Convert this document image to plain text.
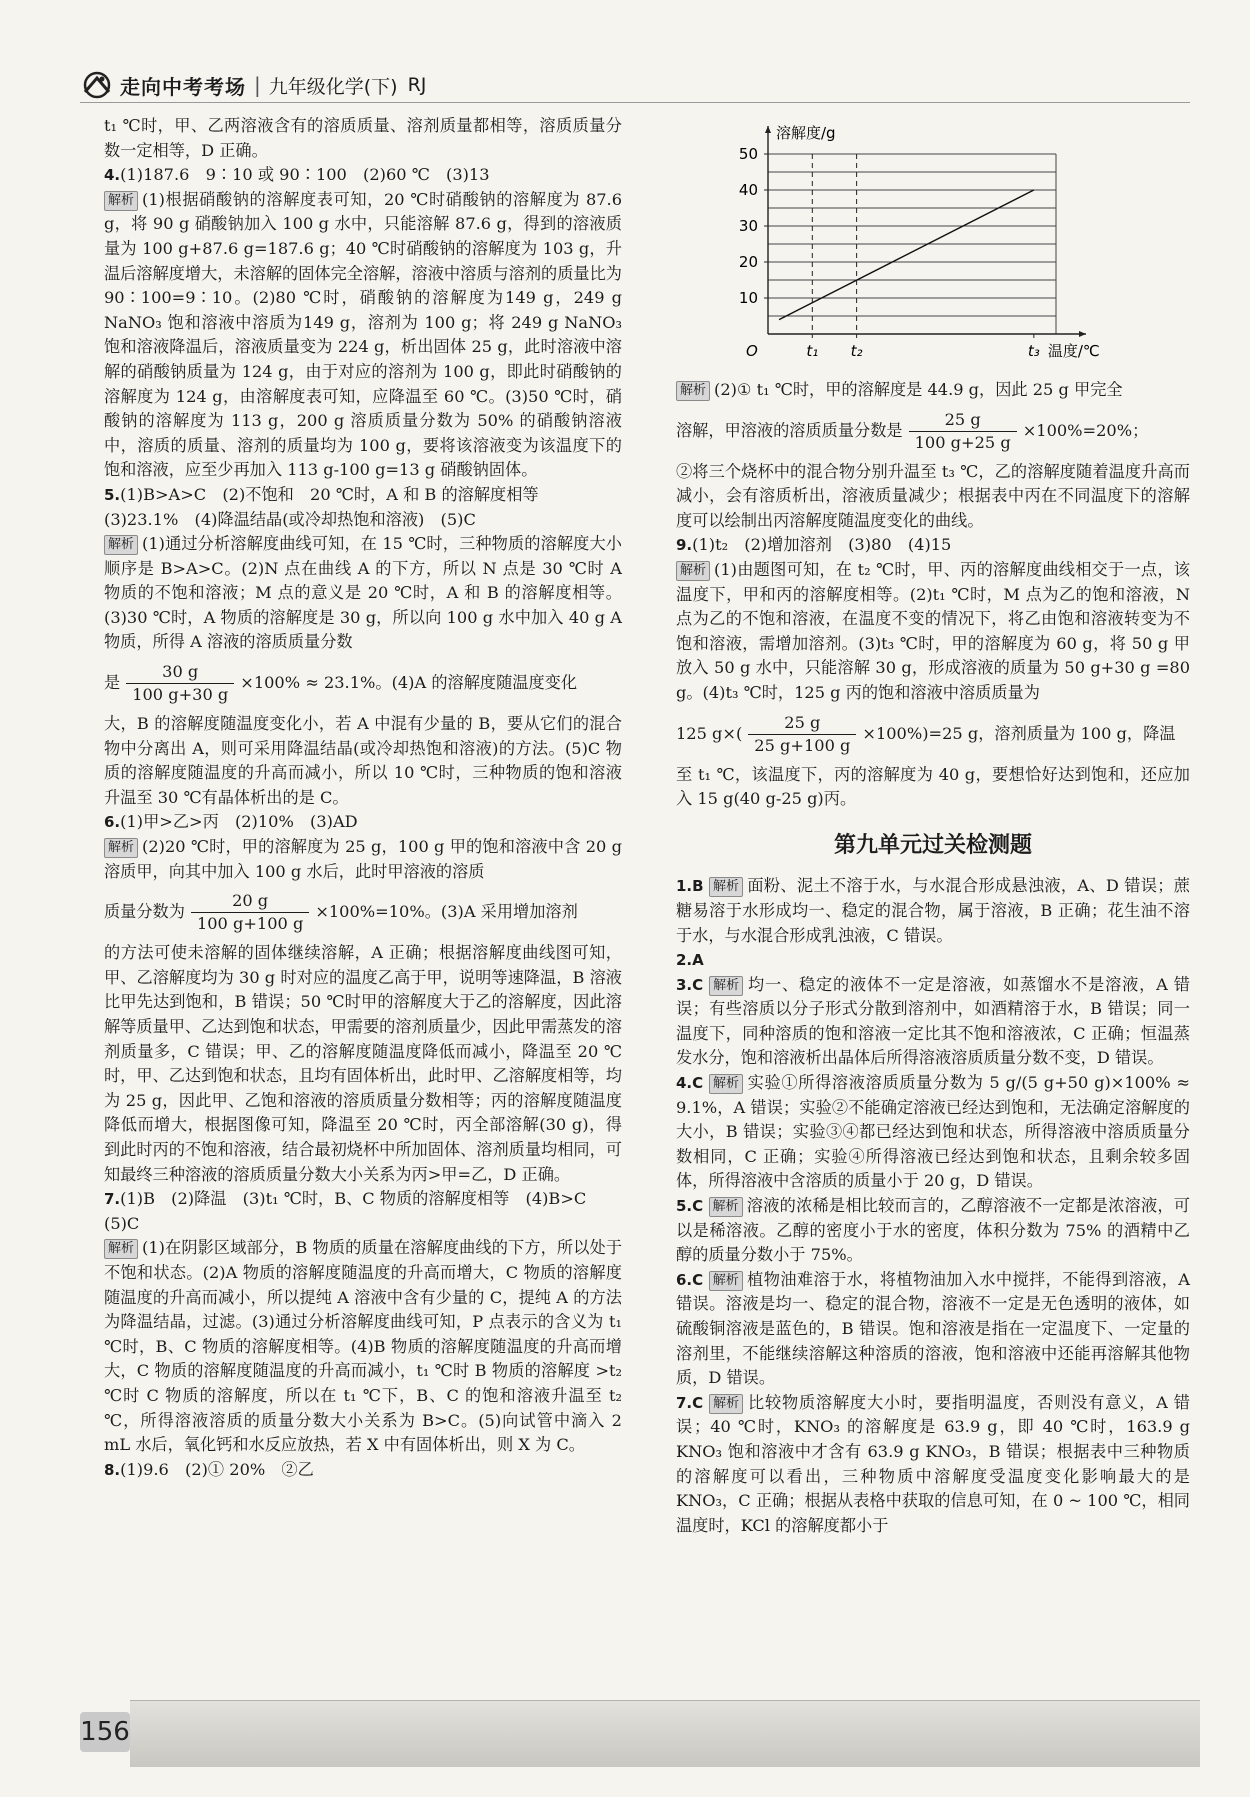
走向中考考场 | 九年级化学(下) RJ

t₁ ℃时，甲、乙两溶液含有的溶质质量、溶剂质量都相等，溶质质量分数一定相等，D 正确。

4.(1)187.6　9∶10 或 90∶100　(2)60 ℃　(3)13

解析 (1)根据硝酸钠的溶解度表可知，20 ℃时硝酸钠的溶解度为 87.6 g，将 90 g 硝酸钠加入 100 g 水中，只能溶解 87.6 g，得到的溶液质量为 100 g+87.6 g=187.6 g；40 ℃时硝酸钠的溶解度为 103 g，升温后溶解度增大，未溶解的固体完全溶解，溶液中溶质与溶剂的质量比为 90∶100=9∶10。(2)80 ℃时，硝酸钠的溶解度为149 g，249 g NaNO₃ 饱和溶液中溶质为149 g，溶剂为 100 g；将 249 g NaNO₃ 饱和溶液降温后，溶液质量变为 224 g，析出固体 25 g，此时溶液中溶解的硝酸钠质量为 124 g，由于对应的溶剂为 100 g，即此时硝酸钠的溶解度为 124 g，由溶解度表可知，应降温至 60 ℃。(3)50 ℃时，硝酸钠的溶解度为 113 g，200 g 溶质质量分数为 50% 的硝酸钠溶液中，溶质的质量、溶剂的质量均为 100 g，要将该溶液变为该温度下的饱和溶液，应至少再加入 113 g-100 g=13 g 硝酸钠固体。

5.(1)B>A>C　(2)不饱和　20 ℃时，A 和 B 的溶解度相等　(3)23.1%　(4)降温结晶(或冷却热饱和溶液)　(5)C

解析 (1)通过分析溶解度曲线可知，在 15 ℃时，三种物质的溶解度大小顺序是 B>A>C。(2)N 点在曲线 A 的下方，所以 N 点是 30 ℃时 A 物质的不饱和溶液；M 点的意义是 20 ℃时，A 和 B 的溶解度相等。(3)30 ℃时，A 物质的溶解度是 30 g，所以向 100 g 水中加入 40 g A 物质，所得 A 溶液的溶质质量分数

是 $\frac{30 g}{100 g+30 g} \times 100\% \approx 23.1\%$。(4)A 的溶解度随温度变化

大，B 的溶解度随温度变化小，若 A 中混有少量的 B，要从它们的混合物中分离出 A，则可采用降温结晶(或冷却热饱和溶液)的方法。(5)C 物质的溶解度随温度的升高而减小，所以 10 ℃时，三种物质的饱和溶液升温至 30 ℃有晶体析出的是 C。

6.(1)甲>乙>丙　(2)10%　(3)AD

解析 (2)20 ℃时，甲的溶解度为 25 g，100 g 甲的饱和溶液中含 20 g 溶质甲，向其中加入 100 g 水后，此时甲溶液的溶质

质量分数为 $\frac{20 g}{100 g+100 g} \times 100\%=10\%$。(3)A 采用增加溶剂

的方法可使未溶解的固体继续溶解，A 正确；根据溶解度曲线图可知，甲、乙溶解度均为 30 g 时对应的温度乙高于甲，说明等速降温，B 溶液比甲先达到饱和，B 错误；50 ℃时甲的溶解度大于乙的溶解度，因此溶解等质量甲、乙达到饱和状态，甲需要的溶剂质量少，因此甲需蒸发的溶剂质量多，C 错误；甲、乙的溶解度随温度降低而减小，降温至 20 ℃时，甲、乙达到饱和状态，且均有固体析出，此时甲、乙溶解度相等，均为 25 g，因此甲、乙饱和溶液的溶质质量分数相等；丙的溶解度随温度降低而增大，根据图像可知，降温至 20 ℃时，丙全部溶解(30 g)，得到此时丙的不饱和溶液，结合最初烧杯中所加固体、溶剂质量均相同，可知最终三种溶液的溶质质量分数大小关系为丙>甲=乙，D 正确。

7.(1)B　(2)降温　(3)t₁ ℃时，B、C 物质的溶解度相等　(4)B>C　(5)C

解析 (1)在阴影区域部分，B 物质的质量在溶解度曲线的下方，所以处于不饱和状态。(2)A 物质的溶解度随温度的升高而增大，C 物质的溶解度随温度的升高而减小，所以提纯 A 溶液中含有少量的 C，提纯 A 的方法为降温结晶，过滤。(3)通过分析溶解度曲线可知，P 点表示的含义为 t₁ ℃时，B、C 物质的溶解度相等。(4)B 物质的溶解度随温度的升高而增大，C 物质的溶解度随温度的升高而减小，t₁ ℃时 B 物质的溶解度 >t₂ ℃时 C 物质的溶解度，所以在 t₁ ℃下，B、C 的饱和溶液升温至 t₂ ℃，所得溶液溶质的质量分数大小关系为 B>C。(5)向试管中滴入 2 mL 水后，氧化钙和水反应放热，若 X 中有固体析出，则 X 为 C。

8.(1)9.6　(2)① 20%　②乙

10
20
30
40
50
溶解度/g
O	t₁ t₂	t₃ 温度/℃

解析 (2)① t₁ ℃时，甲的溶解度是 44.9 g，因此 25 g 甲完全

溶解，甲溶液的溶质质量分数是 $\frac{25 g}{100 g+25 g} \times 100\%=20\%$；

②将三个烧杯中的混合物分别升温至 t₃ ℃，乙的溶解度随着温度升高而减小，会有溶质析出，溶液质量减少；根据表中丙在不同温度下的溶解度可以绘制出丙溶解度随温度变化的曲线。

9.(1)t₂　(2)增加溶剂　(3)80　(4)15

解析 (1)由题图可知，在 t₂ ℃时，甲、丙的溶解度曲线相交于一点，该温度下，甲和丙的溶解度相等。(2)t₁ ℃时，M 点为乙的饱和溶液，N 点为乙的不饱和溶液，在温度不变的情况下，将乙由饱和溶液转变为不饱和溶液，需增加溶剂。(3)t₃ ℃时，甲的溶解度为 60 g，将 50 g 甲放入 50 g 水中，只能溶解 30 g，形成溶液的质量为 50 g+30 g =80 g。(4)t₃ ℃时，125 g 丙的饱和溶液中溶质质量为

125 $g\times( \frac{25 g}{25 g+100 g} \times 100\%)=25$ g，溶剂质量为 100 g，降温

至 t₁ ℃，该温度下，丙的溶解度为 40 g，要想恰好达到饱和，还应加入 15 g(40 g-25 g)丙。

第九单元过关检测题

1.B 解析 面粉、泥土不溶于水，与水混合形成悬浊液，A、D 错误；蔗糖易溶于水形成均一、稳定的混合物，属于溶液，B 正确；花生油不溶于水，与水混合形成乳浊液，C 错误。

2.A

3.C 解析 均一、稳定的液体不一定是溶液，如蒸馏水不是溶液，A 错误；有些溶质以分子形式分散到溶剂中，如酒精溶于水，B 错误；同一温度下，同种溶质的饱和溶液一定比其不饱和溶液浓，C 正确；恒温蒸发水分，饱和溶液析出晶体后所得溶液溶质质量分数不变，D 错误。

4.C 解析 实验①所得溶液溶质质量分数为 5 g/(5 g+50 g)×100% ≈ 9.1%，A 错误；实验②不能确定溶液已经达到饱和，无法确定溶解度的大小，B 错误；实验③④都已经达到饱和状态，所得溶液中溶质质量分数相同，C 正确；实验④所得溶液已经达到饱和状态，且剩余较多固体，所得溶液中含溶质的质量小于 20 g，D 错误。

5.C 解析 溶液的浓稀是相比较而言的，乙醇溶液不一定都是浓溶液，可以是稀溶液。乙醇的密度小于水的密度，体积分数为 75% 的酒精中乙醇的质量分数小于 75%。

6.C 解析 植物油难溶于水，将植物油加入水中搅拌，不能得到溶液，A 错误。溶液是均一、稳定的混合物，溶液不一定是无色透明的液体，如硫酸铜溶液是蓝色的，B 错误。饱和溶液是指在一定温度下、一定量的溶剂里，不能继续溶解这种溶质的溶液，饱和溶液中还能再溶解其他物质，D 错误。

7.C 解析 比较物质溶解度大小时，要指明温度，否则没有意义，A 错误；40 ℃时，KNO₃ 的溶解度是 63.9 g，即 40 ℃时，163.9 g KNO₃ 饱和溶液中才含有 63.9 g KNO₃，B 错误；根据表中三种物质的溶解度可以看出，三种物质中溶解度受温度变化影响最大的是 KNO₃，C 正确；根据从表格中获取的信息可知，在 0 ~ 100 ℃，相同温度时，KCl 的溶解度都小于

156
